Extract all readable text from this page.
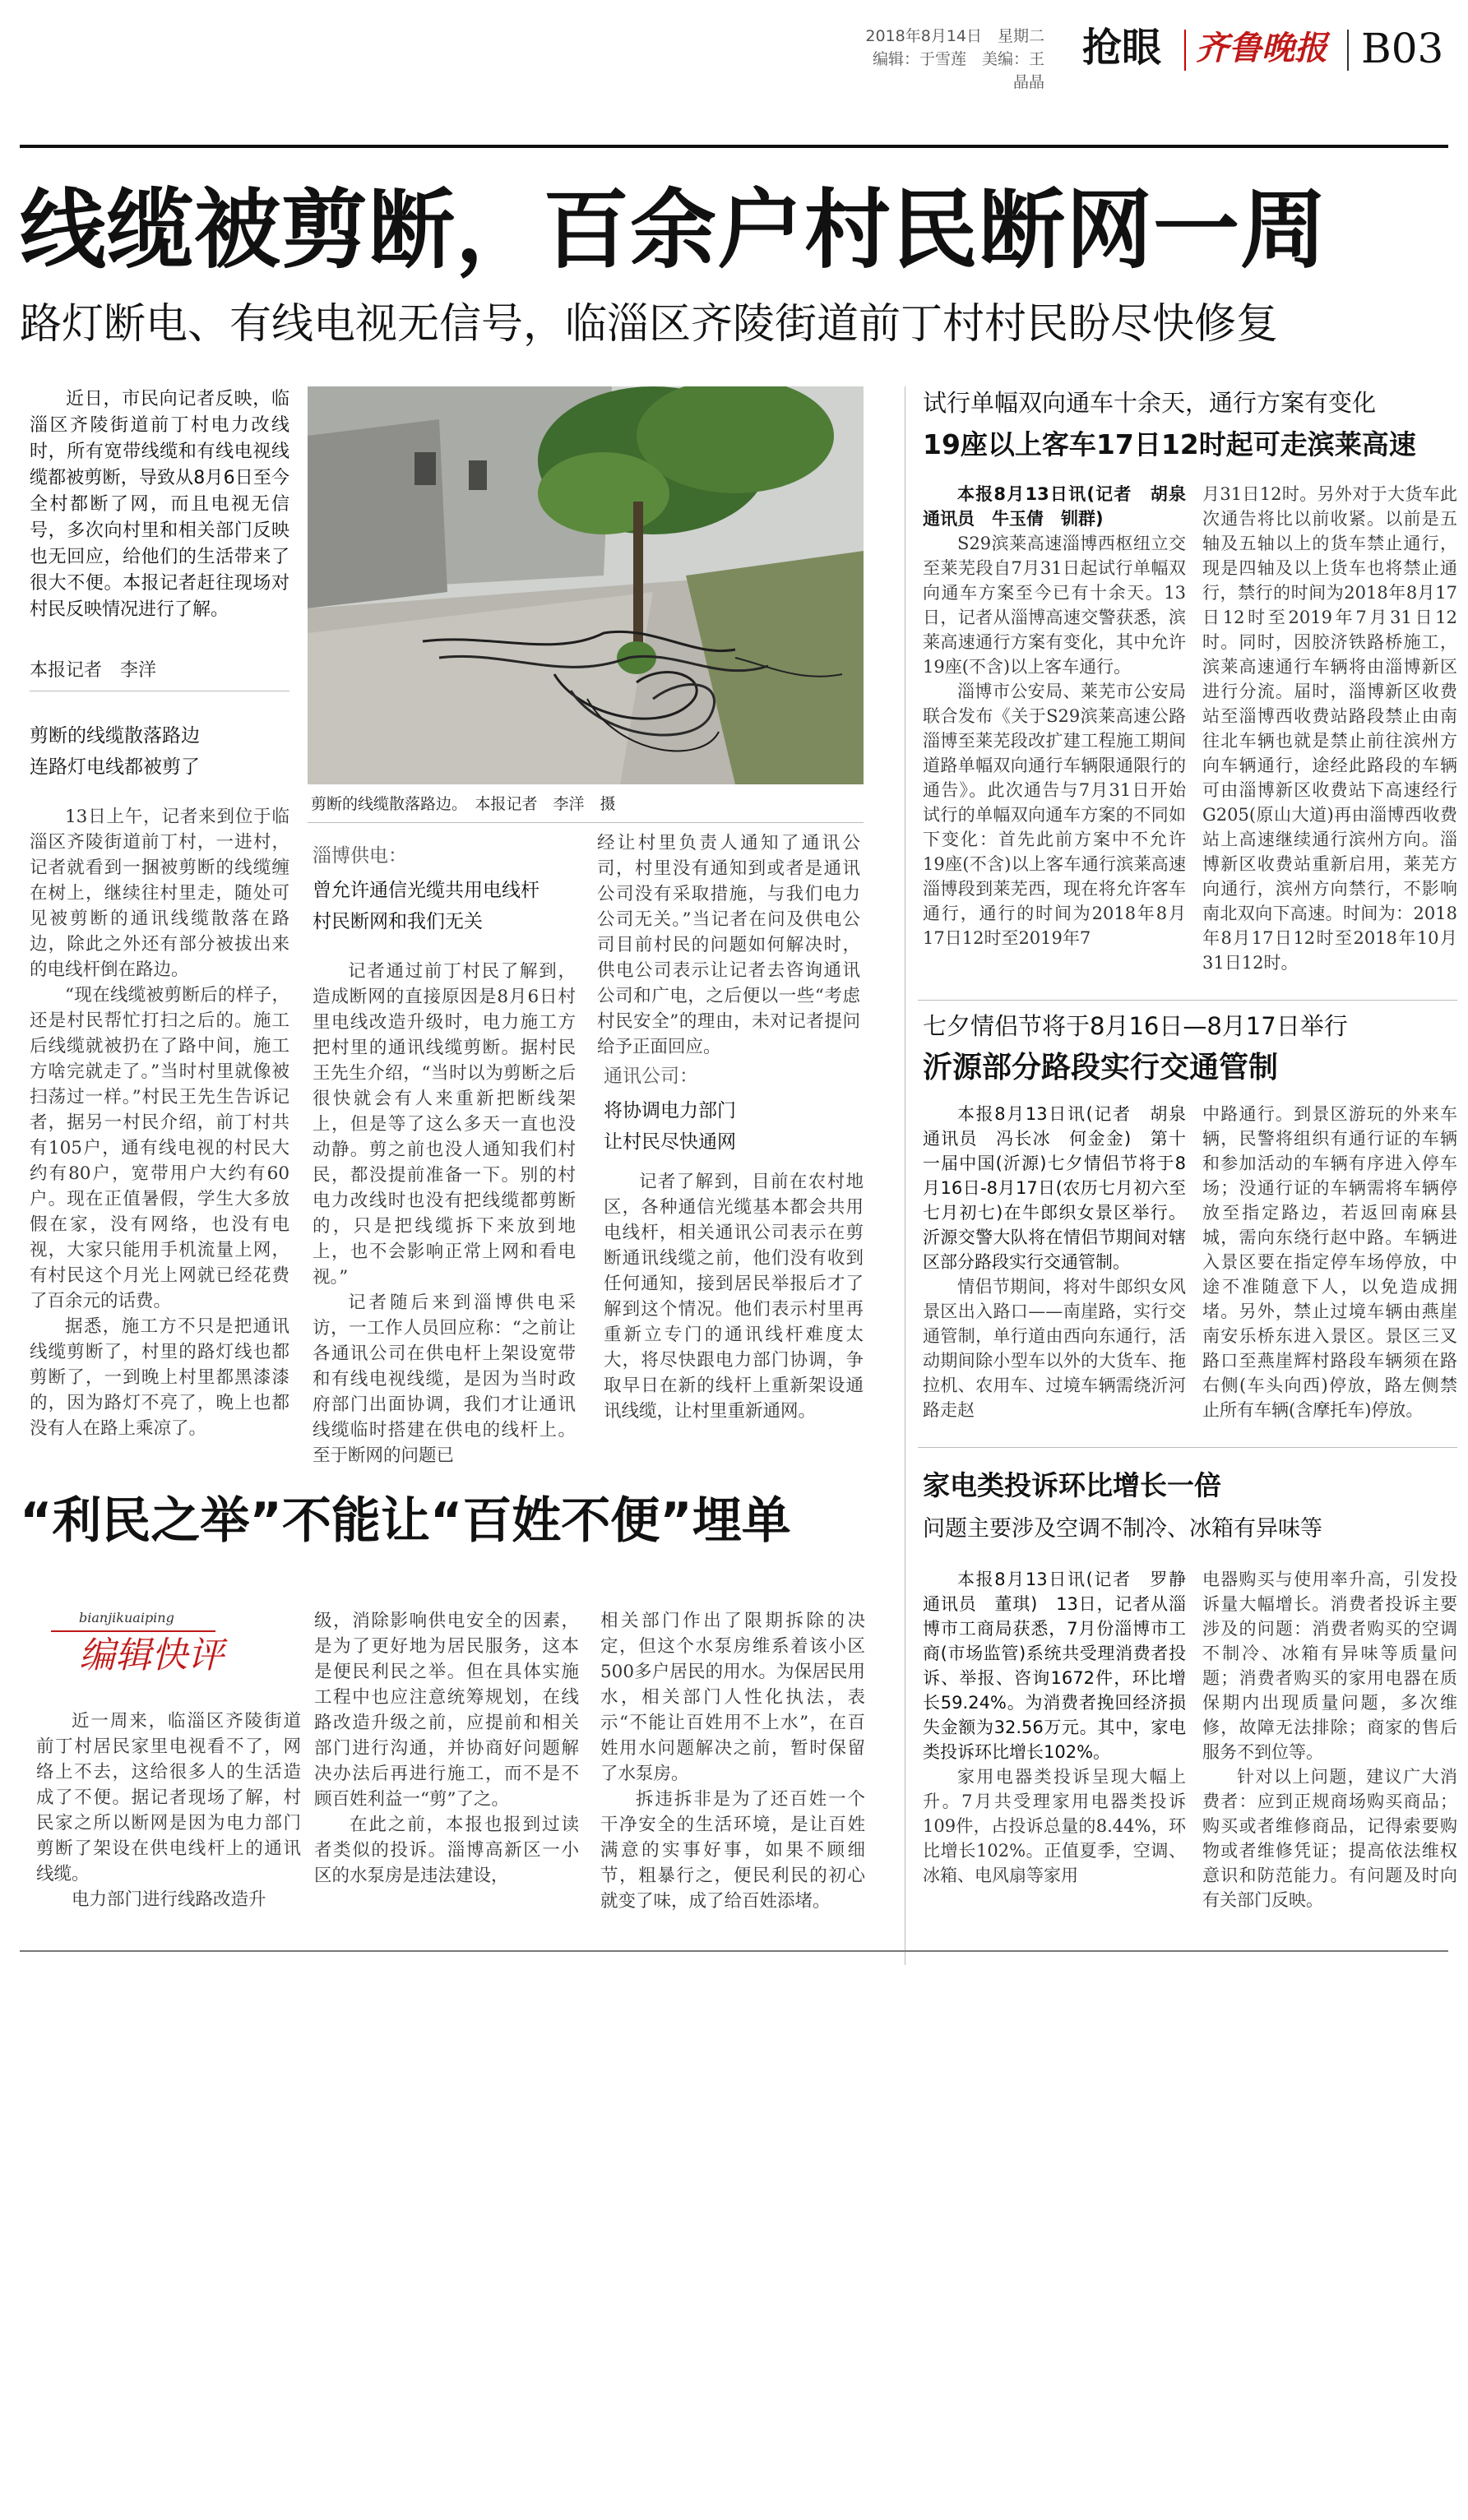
2018年8月14日　星期二
编辑：于雪莲　美编：王晶晶
抢眼 齐鲁晚报 B03
线缆被剪断，百余户村民断网一周
路灯断电、有线电视无信号，临淄区齐陵街道前丁村村民盼尽快修复
近日，市民向记者反映，临淄区齐陵街道前丁村电力改线时，所有宽带线缆和有线电视线缆都被剪断，导致从8月6日至今全村都断了网，而且电视无信号，多次向村里和相关部门反映也无回应，给他们的生活带来了很大不便。本报记者赶往现场对村民反映情况进行了解。
本报记者　李洋
剪断的线缆散落路边
连路灯电线都被剪了

13日上午，记者来到位于临淄区齐陵街道前丁村，一进村，记者就看到一捆被剪断的线缆缠在树上，继续往村里走，随处可见被剪断的通讯线缆散落在路边，除此之外还有部分被拔出来的电线杆倒在路边。

“现在线缆被剪断后的样子，还是村民帮忙打扫之后的。施工后线缆就被扔在了路中间，施工方啥完就走了。”当时村里就像被扫荡过一样。”村民王先生告诉记者，据另一村民介绍，前丁村共有105户，通有线电视的村民大约有80户，宽带用户大约有60户。现在正值暑假，学生大多放假在家，没有网络，也没有电视，大家只能用手机流量上网，有村民这个月光上网就已经花费了百余元的话费。

据悉，施工方不只是把通讯线缆剪断了，村里的路灯线也都剪断了，一到晚上村里都黑漆漆的，因为路灯不亮了，晚上也都没有人在路上乘凉了。

剪断的线缆散落路边。　本报记者　李洋　摄
淄博供电：
曾允许通信光缆共用电线杆
村民断网和我们无关

记者通过前丁村民了解到，造成断网的直接原因是8月6日村里电线改造升级时，电力施工方把村里的通讯线缆剪断。据村民王先生介绍，“当时以为剪断之后很快就会有人来重新把断线架上，但是等了这么多天一直也没动静。剪之前也没人通知我们村民，都没提前准备一下。别的村电力改线时也没有把线缆都剪断的，只是把线缆拆下来放到地上，也不会影响正常上网和看电视。”

记者随后来到淄博供电采访，一工作人员回应称：“之前让各通讯公司在供电杆上架设宽带和有线电视线缆，是因为当时政府部门出面协调，我们才让通讯线缆临时搭建在供电的线杆上。至于断网的问题已

经让村里负责人通知了通讯公司，村里没有通知到或者是通讯公司没有采取措施，与我们电力公司无关。”当记者在问及供电公司目前村民的问题如何解决时，供电公司表示让记者去咨询通讯公司和广电，之后便以一些“考虑村民安全”的理由，未对记者提问给予正面回应。

通讯公司：
将协调电力部门
让村民尽快通网

记者了解到，目前在农村地区，各种通信光缆基本都会共用电线杆，相关通讯公司表示在剪断通讯线缆之前，他们没有收到任何通知，接到居民举报后才了解到这个情况。他们表示村里再重新立专门的通讯线杆难度太大，将尽快跟电力部门协调，争取早日在新的线杆上重新架设通讯线缆，让村里重新通网。

“利民之举”不能让“百姓不便”埋单
bianjikuaiping
编辑快评

近一周来，临淄区齐陵街道前丁村居民家里电视看不了，网络上不去，这给很多人的生活造成了不便。据记者现场了解，村民家之所以断网是因为电力部门剪断了架设在供电线杆上的通讯线缆。

电力部门进行线路改造升

级，消除影响供电安全的因素，是为了更好地为居民服务，这本是便民利民之举。但在具体实施工程中也应注意统筹规划，在线路改造升级之前，应提前和相关部门进行沟通，并协商好问题解决办法后再进行施工，而不是不顾百姓利益一“剪”了之。

在此之前，本报也报到过读者类似的投诉。淄博高新区一小区的水泵房是违法建设，

相关部门作出了限期拆除的决定，但这个水泵房维系着该小区500多户居民的用水。为保居民用水，相关部门人性化执法，表示“不能让百姓用不上水”，在百姓用水问题解决之前，暂时保留了水泵房。

拆违拆非是为了还百姓一个干净安全的生活环境，是让百姓满意的实事好事，如果不顾细节，粗暴行之，便民利民的初心就变了味，成了给百姓添堵。

试行单幅双向通车十余天，通行方案有变化
19座以上客车17日12时起可走滨莱高速

本报8月13日讯(记者　胡泉　通讯员　牛玉倩　钏群)

S29滨莱高速淄博西枢纽立交至莱芜段自7月31日起试行单幅双向通车方案至今已有十余天。13日，记者从淄博高速交警获悉，滨莱高速通行方案有变化，其中允许19座(不含)以上客车通行。

淄博市公安局、莱芜市公安局联合发布《关于S29滨莱高速公路淄博至莱芜段改扩建工程施工期间道路单幅双向通行车辆限通限行的通告》。此次通告与7月31日开始试行的单幅双向通车方案的不同如下变化：首先此前方案中不允许19座(不含)以上客车通行滨莱高速淄博段到莱芜西，现在将允许客车通行，通行的时间为2018年8月17日12时至2019年7

月31日12时。另外对于大货车此次通告将比以前收紧。以前是五轴及五轴以上的货车禁止通行，现是四轴及以上货车也将禁止通行，禁行的时间为2018年8月17日12时至2019年7月31日12时。同时，因胶济铁路桥施工，滨莱高速通行车辆将由淄博新区进行分流。届时，淄博新区收费站至淄博西收费站路段禁止由南往北车辆也就是禁止前往滨州方向车辆通行，途经此路段的车辆可由淄博新区收费站下高速经行G205(原山大道)再由淄博西收费站上高速继续通行滨州方向。淄博新区收费站重新启用，莱芜方向通行，滨州方向禁行，不影响南北双向下高速。时间为：2018年8月17日12时至2018年10月31日12时。

七夕情侣节将于8月16日—8月17日举行
沂源部分路段实行交通管制

本报8月13日讯(记者　胡泉　通讯员　冯长冰　何金金)　第十一届中国(沂源)七夕情侣节将于8月16日-8月17日(农历七月初六至七月初七)在牛郎织女景区举行。沂源交警大队将在情侣节期间对辖区部分路段实行交通管制。

情侣节期间，将对牛郎织女风景区出入路口——南崖路，实行交通管制，单行道由西向东通行，活动期间除小型车以外的大货车、拖拉机、农用车、过境车辆需绕沂河路走赵

中路通行。到景区游玩的外来车辆，民警将组织有通行证的车辆和参加活动的车辆有序进入停车场；没通行证的车辆需将车辆停放至指定路边，若返回南麻县城，需向东绕行赵中路。车辆进入景区要在指定停车场停放，中途不准随意下人，以免造成拥堵。另外，禁止过境车辆由燕崖南安乐桥东进入景区。景区三叉路口至燕崖辉村路段车辆须在路右侧(车头向西)停放，路左侧禁止所有车辆(含摩托车)停放。

家电类投诉环比增长一倍
问题主要涉及空调不制冷、冰箱有异味等

本报8月13日讯(记者　罗静　通讯员　董琪)　13日，记者从淄博市工商局获悉，7月份淄博市工商(市场监管)系统共受理消费者投诉、举报、咨询1672件，环比增长59.24%。为消费者挽回经济损失金额为32.56万元。其中，家电类投诉环比增长102%。

家用电器类投诉呈现大幅上升。7月共受理家用电器类投诉109件，占投诉总量的8.44%，环比增长102%。正值夏季，空调、冰箱、电风扇等家用

电器购买与使用率升高，引发投诉量大幅增长。消费者投诉主要涉及的问题：消费者购买的空调不制冷、冰箱有异味等质量问题；消费者购买的家用电器在质保期内出现质量问题，多次维修，故障无法排除；商家的售后服务不到位等。

针对以上问题，建议广大消费者：应到正规商场购买商品；购买或者维修商品，记得索要购物或者维修凭证；提高依法维权意识和防范能力。有问题及时向有关部门反映。
